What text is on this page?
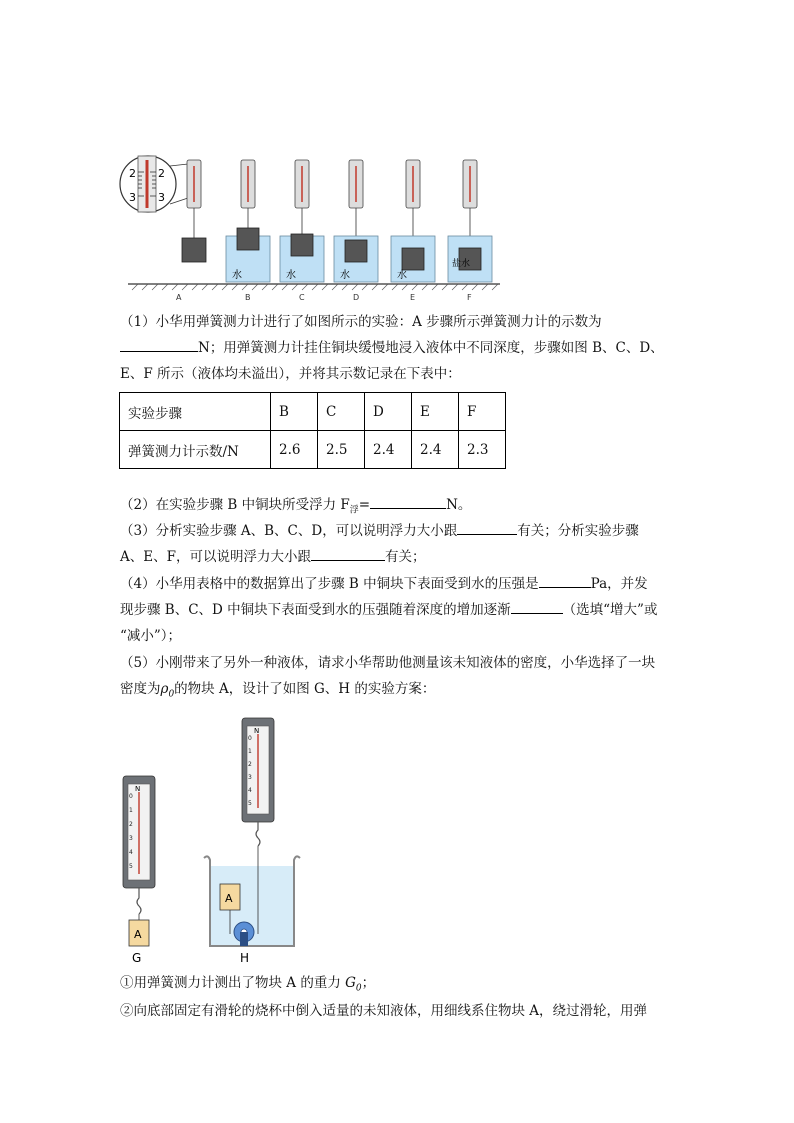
2
3
2
3
水	水	水	水
盐水
A	B	C	D	E	F
（1）小华用弹簧测力计进行了如图所示的实验：A 步骤所示弹簧测力计的示数为
N；用弹簧测力计挂住铜块缓慢地浸入液体中不同深度，步骤如图 B、C、D、
E、F 所示（液体均未溢出），并将其示数记录在下表中：
实验步骤	B	C	D	E	F
弹簧测力计示数/N	2.6	2.5	2.4	2.4	2.3
（2）在实验步骤 B 中铜块所受浮力 $F_浮=$	N。
（3）分析实验步骤 A、B、C、D，可以说明浮力大小跟	有关；分析实验步骤
A、E、F，可以说明浮力大小跟	有关；
（4）小华用表格中的数据算出了步骤 B 中铜块下表面受到水的压强是	Pa，并发
现步骤 B、C、D 中铜块下表面受到水的压强随着深度的增加逐渐	（选填“增大”或
“减小”）；
（5）小刚带来了另外一种液体，请求小华帮助他测量该未知液体的密度，小华选择了一块
密度为$\rho_0$的物块 A，设计了如图 G、H 的实验方案：
N
0
1
2
3
4
5
A
N
0
1
2
3
4
5
A
G	H
①用弹簧测力计测出了物块 A 的重力 $G_0$；
②向底部固定有滑轮的烧杯中倒入适量的未知液体，用细线系住物块 A，绕过滑轮，用弹
